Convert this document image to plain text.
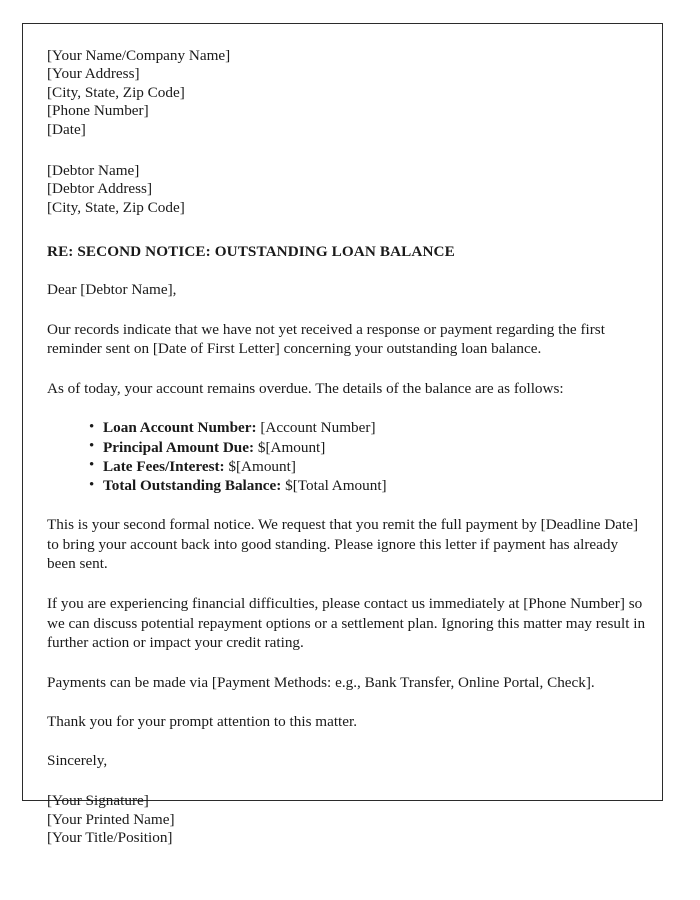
[Your Name/Company Name]
[Your Address]
[City, State, Zip Code]
[Phone Number]
[Date]
[Debtor Name]
[Debtor Address]
[City, State, Zip Code]
RE: SECOND NOTICE: OUTSTANDING LOAN BALANCE
Dear [Debtor Name],

Our records indicate that we have not yet received a response or payment regarding the first reminder sent on [Date of First Letter] concerning your outstanding loan balance.

As of today, your account remains overdue. The details of the balance are as follows:

• Loan Account Number: [Account Number]
• Principal Amount Due: $[Amount]
• Late Fees/Interest: $[Amount]
• Total Outstanding Balance: $[Total Amount]

This is your second formal notice. We request that you remit the full payment by [Deadline Date] to bring your account back into good standing. Please ignore this letter if payment has already been sent.

If you are experiencing financial difficulties, please contact us immediately at [Phone Number] so we can discuss potential repayment options or a settlement plan. Ignoring this matter may result in further action or impact your credit rating.

Payments can be made via [Payment Methods: e.g., Bank Transfer, Online Portal, Check].

Thank you for your prompt attention to this matter.

Sincerely,
[Your Signature]
[Your Printed Name]
[Your Title/Position]
